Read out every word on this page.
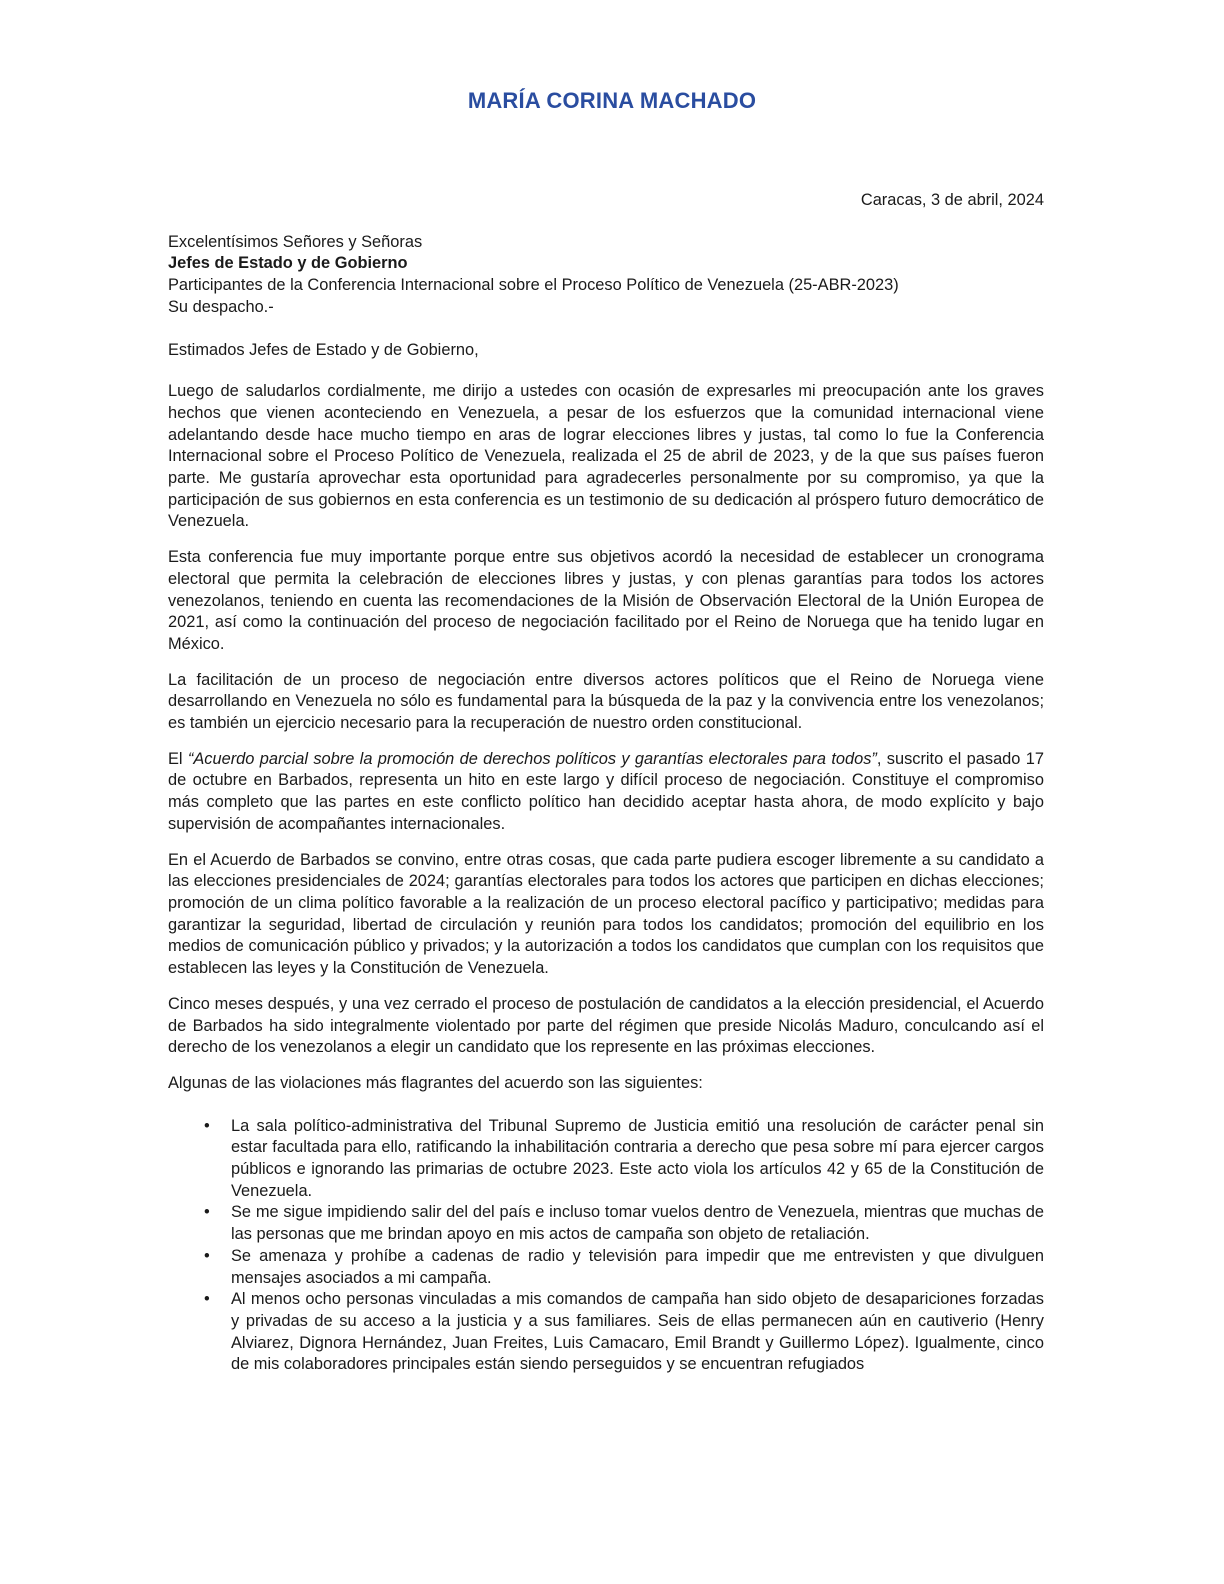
MARÍA CORINA MACHADO

Caracas, 3 de abril, 2024

Excelentísimos Señores y Señoras

Jefes de Estado y de Gobierno

Participantes de la Conferencia Internacional sobre el Proceso Político de Venezuela (25-ABR-2023)

Su despacho.-

Estimados Jefes de Estado y de Gobierno,

Luego de saludarlos cordialmente, me dirijo a ustedes con ocasión de expresarles mi preocupación ante los graves hechos que vienen aconteciendo en Venezuela, a pesar de los esfuerzos que la comunidad internacional viene adelantando desde hace mucho tiempo en aras de lograr elecciones libres y justas, tal como lo fue la Conferencia Internacional sobre el Proceso Político de Venezuela, realizada el 25 de abril de 2023, y de la que sus países fueron parte. Me gustaría aprovechar esta oportunidad para agradecerles personalmente por su compromiso, ya que la participación de sus gobiernos en esta conferencia es un testimonio de su dedicación al próspero futuro democrático de Venezuela.

Esta conferencia fue muy importante porque entre sus objetivos acordó la necesidad de establecer un cronograma electoral que permita la celebración de elecciones libres y justas, y con plenas garantías para todos los actores venezolanos, teniendo en cuenta las recomendaciones de la Misión de Observación Electoral de la Unión Europea de 2021, así como la continuación del proceso de negociación facilitado por el Reino de Noruega que ha tenido lugar en México.

La facilitación de un proceso de negociación entre diversos actores políticos que el Reino de Noruega viene desarrollando en Venezuela no sólo es fundamental para la búsqueda de la paz y la convivencia entre los venezolanos; es también un ejercicio necesario para la recuperación de nuestro orden constitucional.

El “Acuerdo parcial sobre la promoción de derechos políticos y garantías electorales para todos”, suscrito el pasado 17 de octubre en Barbados, representa un hito en este largo y difícil proceso de negociación. Constituye el compromiso más completo que las partes en este conflicto político han decidido aceptar hasta ahora, de modo explícito y bajo supervisión de acompañantes internacionales.

En el Acuerdo de Barbados se convino, entre otras cosas, que cada parte pudiera escoger libremente a su candidato a las elecciones presidenciales de 2024; garantías electorales para todos los actores que participen en dichas elecciones; promoción de un clima político favorable a la realización de un proceso electoral pacífico y participativo; medidas para garantizar la seguridad, libertad de circulación y reunión para todos los candidatos; promoción del equilibrio en los medios de comunicación público y privados; y la autorización a todos los candidatos que cumplan con los requisitos que establecen las leyes y la Constitución de Venezuela.

Cinco meses después, y una vez cerrado el proceso de postulación de candidatos a la elección presidencial, el Acuerdo de Barbados ha sido integralmente violentado por parte del régimen que preside Nicolás Maduro, conculcando así el derecho de los venezolanos a elegir un candidato que los represente en las próximas elecciones.

Algunas de las violaciones más flagrantes del acuerdo son las siguientes:

• La sala político-administrativa del Tribunal Supremo de Justicia emitió una resolución de carácter penal sin estar facultada para ello, ratificando la inhabilitación contraria a derecho que pesa sobre mí para ejercer cargos públicos e ignorando las primarias de octubre 2023. Este acto viola los artículos 42 y 65 de la Constitución de Venezuela.
• Se me sigue impidiendo salir del del país e incluso tomar vuelos dentro de Venezuela, mientras que muchas de las personas que me brindan apoyo en mis actos de campaña son objeto de retaliación.
• Se amenaza y prohíbe a cadenas de radio y televisión para impedir que me entrevisten y que divulguen mensajes asociados a mi campaña.
• Al menos ocho personas vinculadas a mis comandos de campaña han sido objeto de desapariciones forzadas y privadas de su acceso a la justicia y a sus familiares. Seis de ellas permanecen aún en cautiverio (Henry Alviarez, Dignora Hernández, Juan Freites, Luis Camacaro, Emil Brandt y Guillermo López). Igualmente, cinco de mis colaboradores principales están siendo perseguidos y se encuentran refugiados
